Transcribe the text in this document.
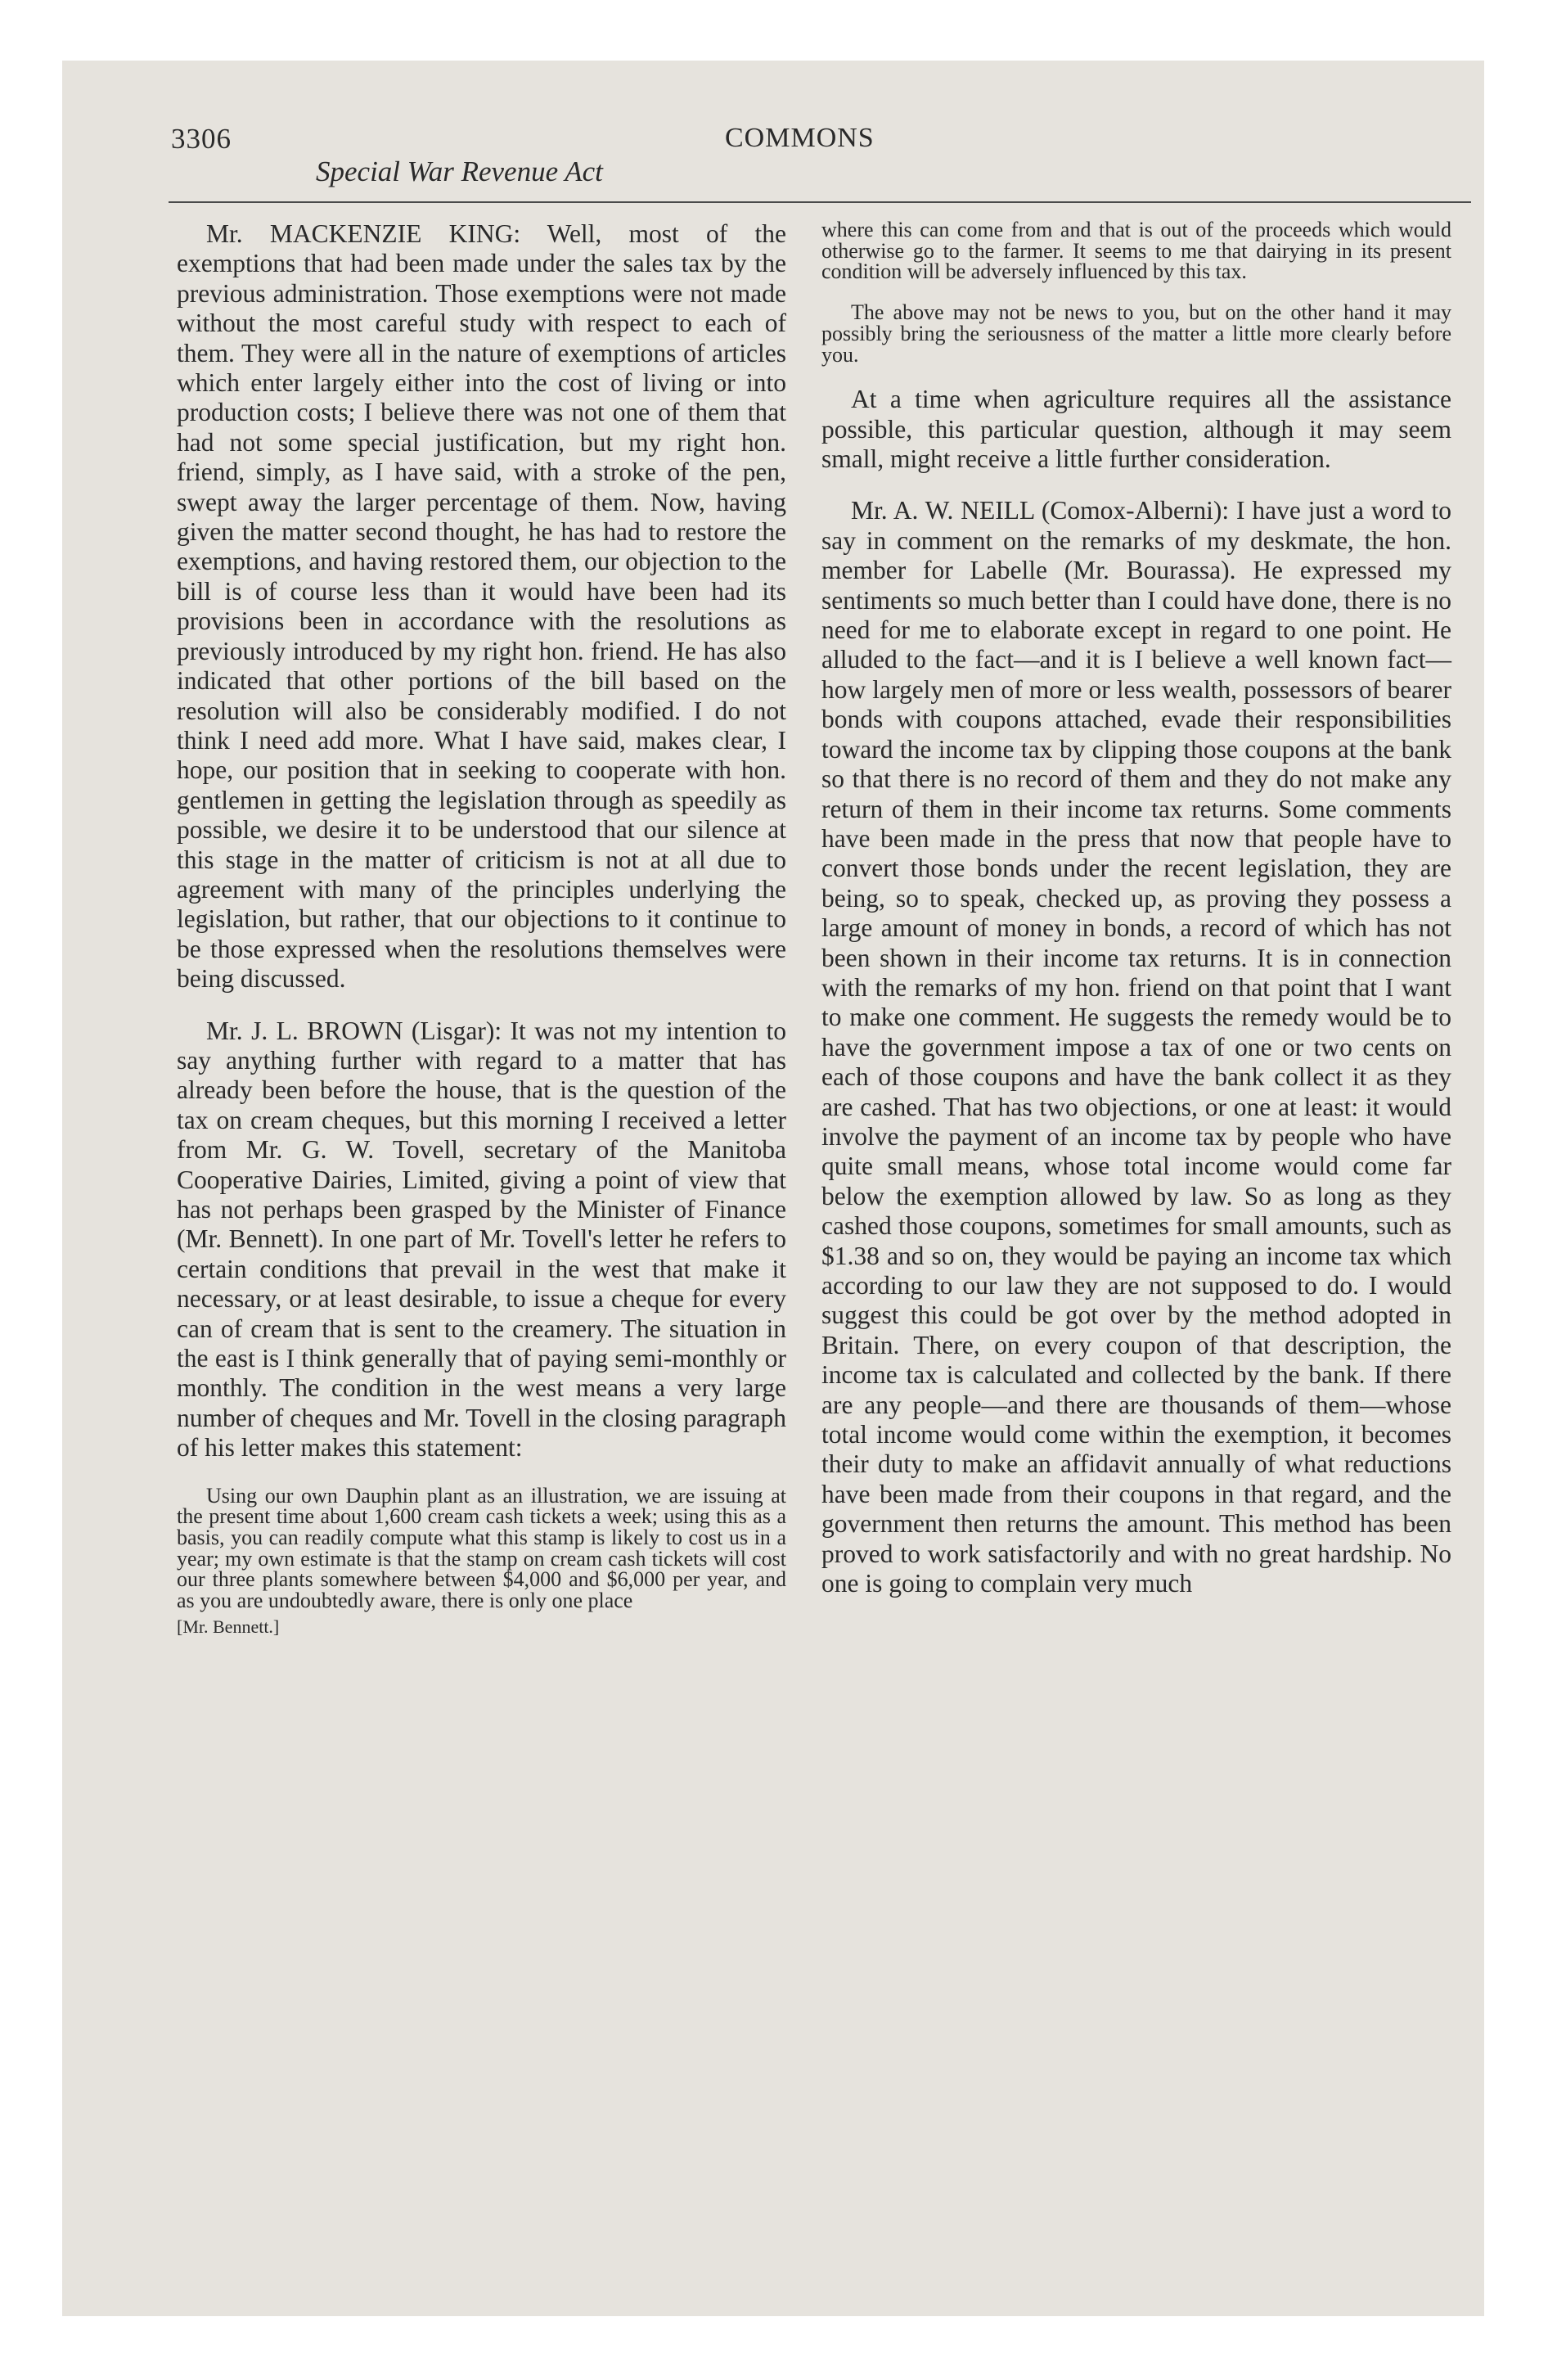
3306	COMMONS
Special War Revenue Act

Mr. MACKENZIE KING: Well, most of the exemptions that had been made under the sales tax by the previous administration. Those exemptions were not made without the most careful study with respect to each of them. They were all in the nature of exemptions of articles which enter largely either into the cost of living or into production costs; I believe there was not one of them that had not some special justification, but my right hon. friend, simply, as I have said, with a stroke of the pen, swept away the larger percentage of them. Now, having given the matter second thought, he has had to restore the exemptions, and having restored them, our objection to the bill is of course less than it would have been had its provisions been in accordance with the resolutions as previously introduced by my right hon. friend. He has also indicated that other portions of the bill based on the resolution will also be considerably modified. I do not think I need add more. What I have said, makes clear, I hope, our position that in seeking to cooperate with hon. gentlemen in getting the legislation through as speedily as possible, we desire it to be understood that our silence at this stage in the matter of criticism is not at all due to agreement with many of the principles underlying the legislation, but rather, that our objections to it continue to be those expressed when the resolutions themselves were being discussed.

Mr. J. L. BROWN (Lisgar): It was not my intention to say anything further with regard to a matter that has already been before the house, that is the question of the tax on cream cheques, but this morning I received a letter from Mr. G. W. Tovell, secretary of the Manitoba Cooperative Dairies, Limited, giving a point of view that has not perhaps been grasped by the Minister of Finance (Mr. Bennett). In one part of Mr. Tovell's letter he refers to certain conditions that prevail in the west that make it necessary, or at least desirable, to issue a cheque for every can of cream that is sent to the creamery. The situation in the east is I think generally that of paying semi-monthly or monthly. The condition in the west means a very large number of cheques and Mr. Tovell in the closing paragraph of his letter makes this statement:

Using our own Dauphin plant as an illustration, we are issuing at the present time about 1,600 cream cash tickets a week; using this as a basis, you can readily compute what this stamp is likely to cost us in a year; my own estimate is that the stamp on cream cash tickets will cost our three plants somewhere between $4,000 and $6,000 per year, and as you are undoubtedly aware, there is only one place

[Mr. Bennett.]

where this can come from and that is out of the proceeds which would otherwise go to the farmer. It seems to me that dairying in its present condition will be adversely influenced by this tax.

The above may not be news to you, but on the other hand it may possibly bring the seriousness of the matter a little more clearly before you.

At a time when agriculture requires all the assistance possible, this particular question, although it may seem small, might receive a little further consideration.

Mr. A. W. NEILL (Comox-Alberni): I have just a word to say in comment on the remarks of my deskmate, the hon. member for Labelle (Mr. Bourassa). He expressed my sentiments so much better than I could have done, there is no need for me to elaborate except in regard to one point. He alluded to the fact—and it is I believe a well known fact—how largely men of more or less wealth, possessors of bearer bonds with coupons attached, evade their responsibilities toward the income tax by clipping those coupons at the bank so that there is no record of them and they do not make any return of them in their income tax returns. Some comments have been made in the press that now that people have to convert those bonds under the recent legislation, they are being, so to speak, checked up, as proving they possess a large amount of money in bonds, a record of which has not been shown in their income tax returns. It is in connection with the remarks of my hon. friend on that point that I want to make one comment. He suggests the remedy would be to have the government impose a tax of one or two cents on each of those coupons and have the bank collect it as they are cashed. That has two objections, or one at least: it would involve the payment of an income tax by people who have quite small means, whose total income would come far below the exemption allowed by law. So as long as they cashed those coupons, sometimes for small amounts, such as $1.38 and so on, they would be paying an income tax which according to our law they are not supposed to do. I would suggest this could be got over by the method adopted in Britain. There, on every coupon of that description, the income tax is calculated and collected by the bank. If there are any people—and there are thousands of them—whose total income would come within the exemption, it becomes their duty to make an affidavit annually of what reductions have been made from their coupons in that regard, and the government then returns the amount. This method has been proved to work satisfactorily and with no great hardship. No one is going to complain very much
